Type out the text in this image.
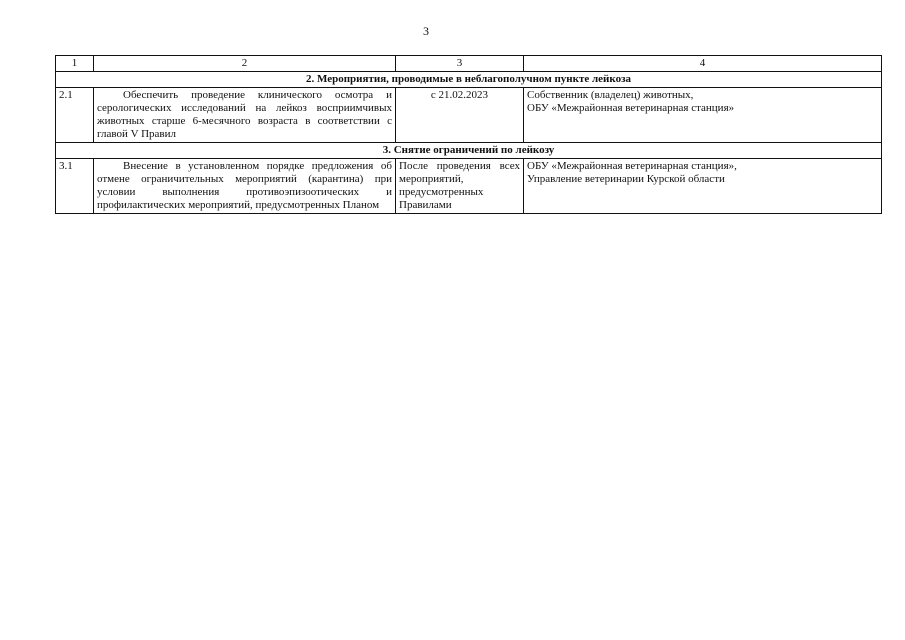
3
1	2	3	4
2. Мероприятия, проводимые в неблагополучном пункте лейкоза			
2.1	Обеспечить проведение клинического осмотра и серологических исследований на лейкоз восприимчивых животных старше 6-месячного возраста в соответствии с главой V Правил	с 21.02.2023	Собственник (владелец) животных,
ОБУ «Межрайонная ветеринарная станция»

3. Снятие ограничений по лейкозу			
3.1	Внесение в установленном порядке предложения об отмене ограничительных мероприятий (карантина) при условии выполнения противоэпизоотических и профилактических мероприятий, предусмотренных Планом	После проведения всех мероприятий, предусмотренных Правилами	ОБУ «Межрайонная ветеринарная станция»,
Управление ветеринарии Курской области
